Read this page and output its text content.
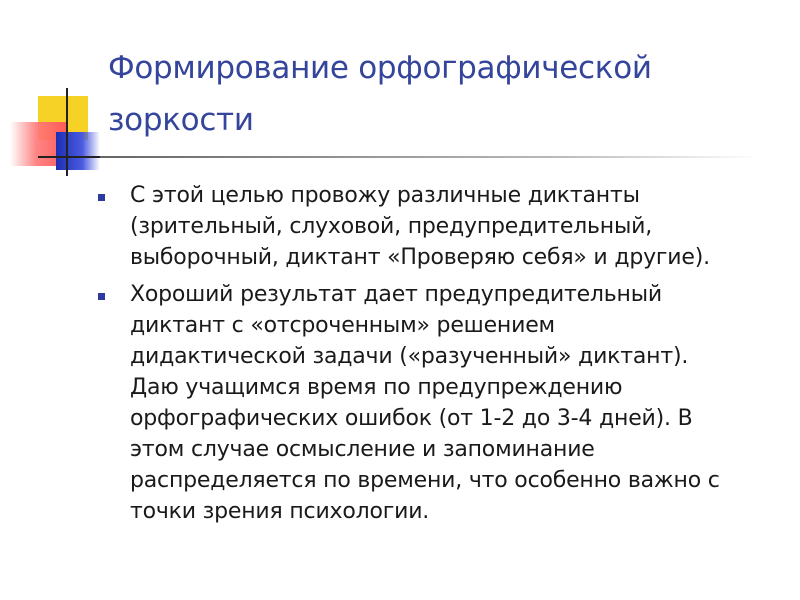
Формирование орфографической зоркости
С этой целью провожу различные диктанты
(зрительный, слуховой, предупредительный,
выборочный, диктант «Проверяю себя» и другие).
Хороший результат дает предупредительный
диктант с «отсроченным» решением
дидактической задачи («разученный» диктант).
Даю учащимся время по предупреждению
орфографических ошибок (от 1-2 до 3-4 дней). В
этом случае осмысление и запоминание
распределяется по времени, что особенно важно с
точки зрения психологии.
